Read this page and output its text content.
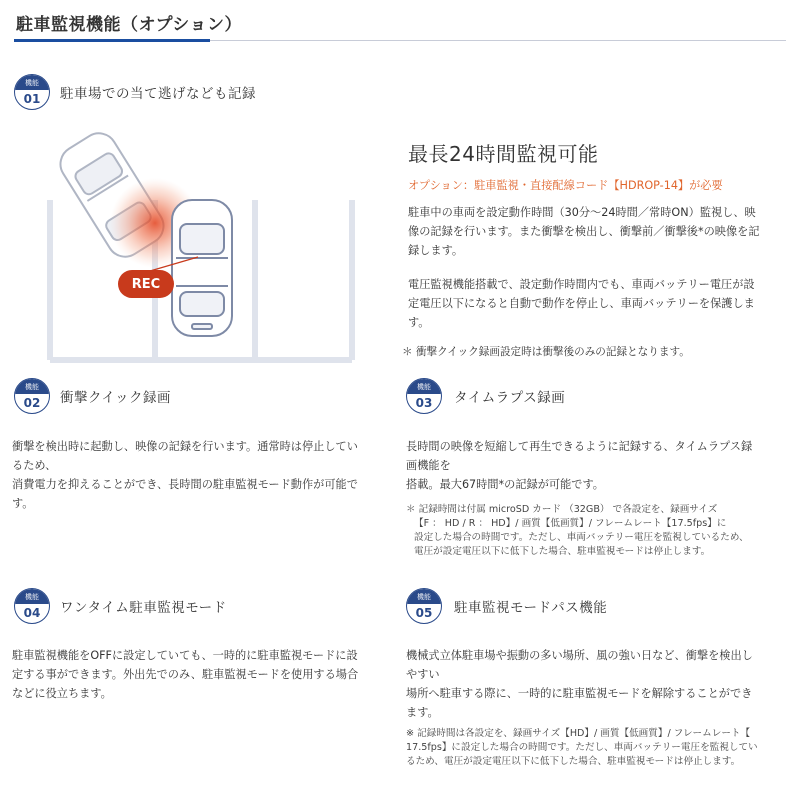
駐車監視機能（オプション）
機能
01	駐車場での当て逃げなども記録
REC
最長24時間監視可能
オプション：駐車監視・直接配線コード【HDROP-14】が必要

駐車中の車両を設定動作時間（30分〜24時間／常時ON）監視し、映

像の記録を行います。また衝撃を検出し、衝撃前／衝撃後*の映像を記

録します。

電圧監視機能搭載で、設定動作時間内でも、車両バッテリー電圧が設

定電圧以下になると自動で動作を停止し、車両バッテリーを保護しま

す。

＊ 衝撃クイック録画設定時は衝撃後のみの記録となります。
機能
02	衝撃クイック録画

衝撃を検出時に起動し、映像の記録を行います。通常時は停止してい

るため、

消費電力を抑えることができ、長時間の駐車監視モード動作が可能で

す。

機能
03	タイムラプス録画

長時間の映像を短縮して再生できるように記録する、タイムラプス録

画機能を

搭載。最大67時間*の記録が可能です。

＊ 記録時間は付属 microSD カード （32GB） で各設定を、録画サイズ

【F ： HD / R ： HD】/ 画質【低画質】/ フレームレート【17.5fps】に

設定した場合の時間です。ただし、車両バッテリー電圧を監視しているため、

電圧が設定電圧以下に低下した場合、駐車監視モードは停止します。

機能
04	ワンタイム駐車監視モード

駐車監視機能をOFFに設定していても、一時的に駐車監視モードに設

定する事ができます。外出先でのみ、駐車監視モードを使用する場合

などに役立ちます。

機能
05	駐車監視モードパス機能

機械式立体駐車場や振動の多い場所、風の強い日など、衝撃を検出し

やすい

場所へ駐車する際に、一時的に駐車監視モードを解除することができ

ます。

※ 記録時間は各設定を、録画サイズ【HD】/ 画質【低画質】/ フレームレート【

17.5fps】に設定した場合の時間です。ただし、車両バッテリー電圧を監視してい

るため、電圧が設定電圧以下に低下した場合、駐車監視モードは停止します。
